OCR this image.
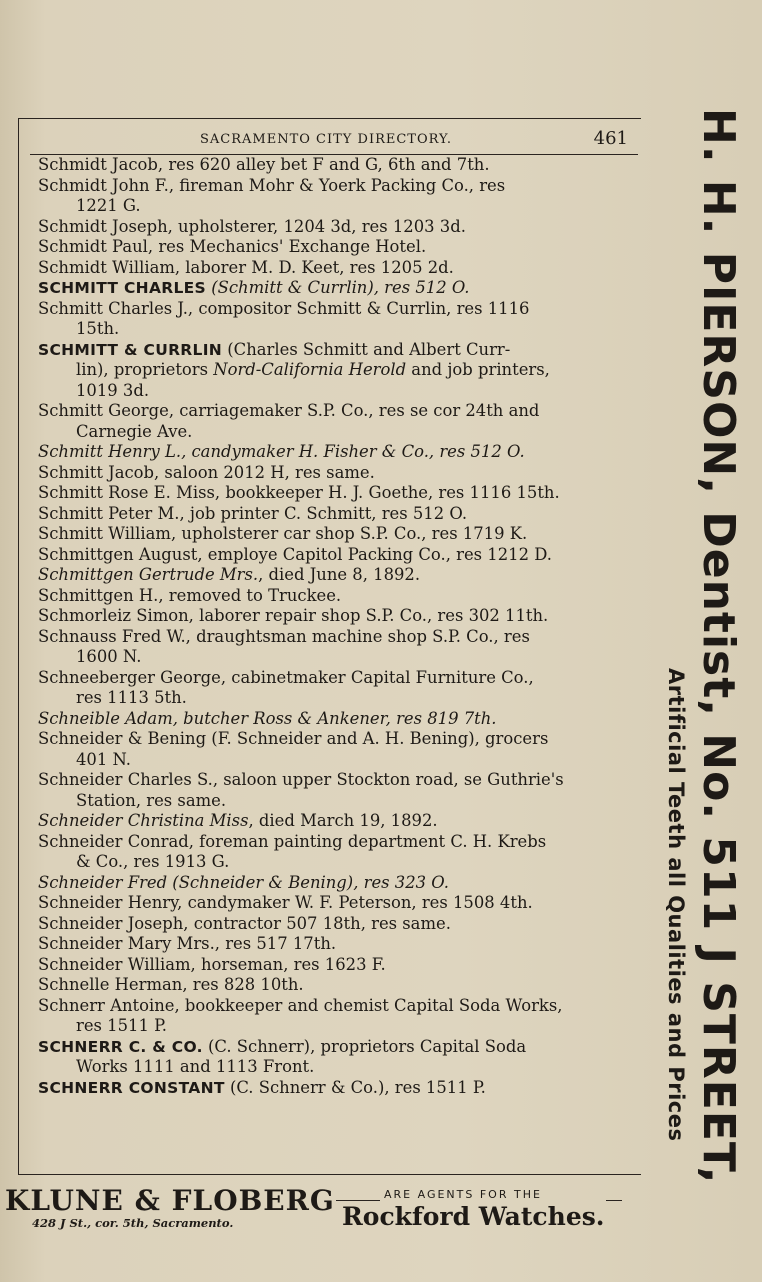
SACRAMENTO CITY DIRECTORY.	461
Schmidt Jacob, res 620 alley bet F and G, 6th and 7th.
Schmidt John F., fireman Mohr & Yoerk Packing Co., res
1221 G.
Schmidt Joseph, upholsterer, 1204 3d, res 1203 3d.
Schmidt Paul, res Mechanics' Exchange Hotel.
Schmidt William, laborer M. D. Keet, res 1205 2d.
SCHMITT CHARLES (Schmitt & Currlin), res 512 O.
Schmitt Charles J., compositor Schmitt & Currlin, res 1116
15th.
SCHMITT & CURRLIN (Charles Schmitt and Albert Curr-
lin), proprietors Nord-California Herold and job printers,
1019 3d.
Schmitt George, carriagemaker S.P. Co., res se cor 24th and
Carnegie Ave.
Schmitt Henry L., candymaker H. Fisher & Co., res 512 O.
Schmitt Jacob, saloon 2012 H, res same.
Schmitt Rose E. Miss, bookkeeper H. J. Goethe, res 1116 15th.
Schmitt Peter M., job printer C. Schmitt, res 512 O.
Schmitt William, upholsterer car shop S.P. Co., res 1719 K.
Schmittgen August, employe Capitol Packing Co., res 1212 D.
Schmittgen Gertrude Mrs., died June 8, 1892.
Schmittgen H., removed to Truckee.
Schmorleiz Simon, laborer repair shop S.P. Co., res 302 11th.
Schnauss Fred W., draughtsman machine shop S.P. Co., res
1600 N.
Schneeberger George, cabinetmaker Capital Furniture Co.,
res 1113 5th.
Schneible Adam, butcher Ross & Ankener, res 819 7th.
Schneider & Bening (F. Schneider and A. H. Bening), grocers
401 N.
Schneider Charles S., saloon upper Stockton road, se Guthrie's
Station, res same.
Schneider Christina Miss, died March 19, 1892.
Schneider Conrad, foreman painting department C. H. Krebs
& Co., res 1913 G.
Schneider Fred (Schneider & Bening), res 323 O.
Schneider Henry, candymaker W. F. Peterson, res 1508 4th.
Schneider Joseph, contractor 507 18th, res same.
Schneider Mary Mrs., res 517 17th.
Schneider William, horseman, res 1623 F.
Schnelle Herman, res 828 10th.
Schnerr Antoine, bookkeeper and chemist Capital Soda Works,
res 1511 P.
SCHNERR C. & CO. (C. Schnerr), proprietors Capital Soda
Works 1111 and 1113 Front.
SCHNERR CONSTANT (C. Schnerr & Co.), res 1511 P.	H. H. PIERSON, Dentist, No. 511 J STREET,
Artificial Teeth all Qualities and Prices
KLUNE & FLOBERG
428 J St., cor. 5th, Sacramento.
ARE AGENTS FOR THE
Rockford Watches.
